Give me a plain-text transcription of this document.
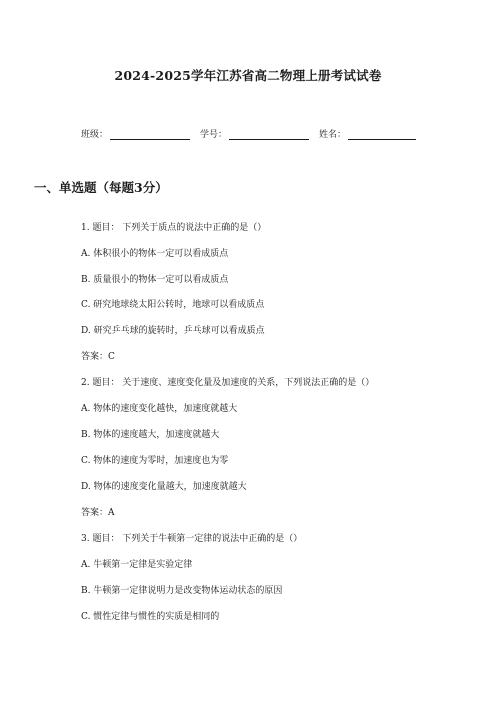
2024-2025学年江苏省高二物理上册考试试卷
班级：	学号：	姓名：
一、单选题（每题3分）
1. 题目： 下列关于质点的说法中正确的是（）
A. 体积很小的物体一定可以看成质点
B. 质量很小的物体一定可以看成质点
C. 研究地球绕太阳公转时，地球可以看成质点
D. 研究乒乓球的旋转时，乒乓球可以看成质点
答案：C
2. 题目： 关于速度、速度变化量及加速度的关系，下列说法正确的是（）
A. 物体的速度变化越快，加速度就越大
B. 物体的速度越大，加速度就越大
C. 物体的速度为零时，加速度也为零
D. 物体的速度变化量越大，加速度就越大
答案：A
3. 题目： 下列关于牛顿第一定律的说法中正确的是（）
A. 牛顿第一定律是实验定律
B. 牛顿第一定律说明力是改变物体运动状态的原因
C. 惯性定律与惯性的实质是相同的
